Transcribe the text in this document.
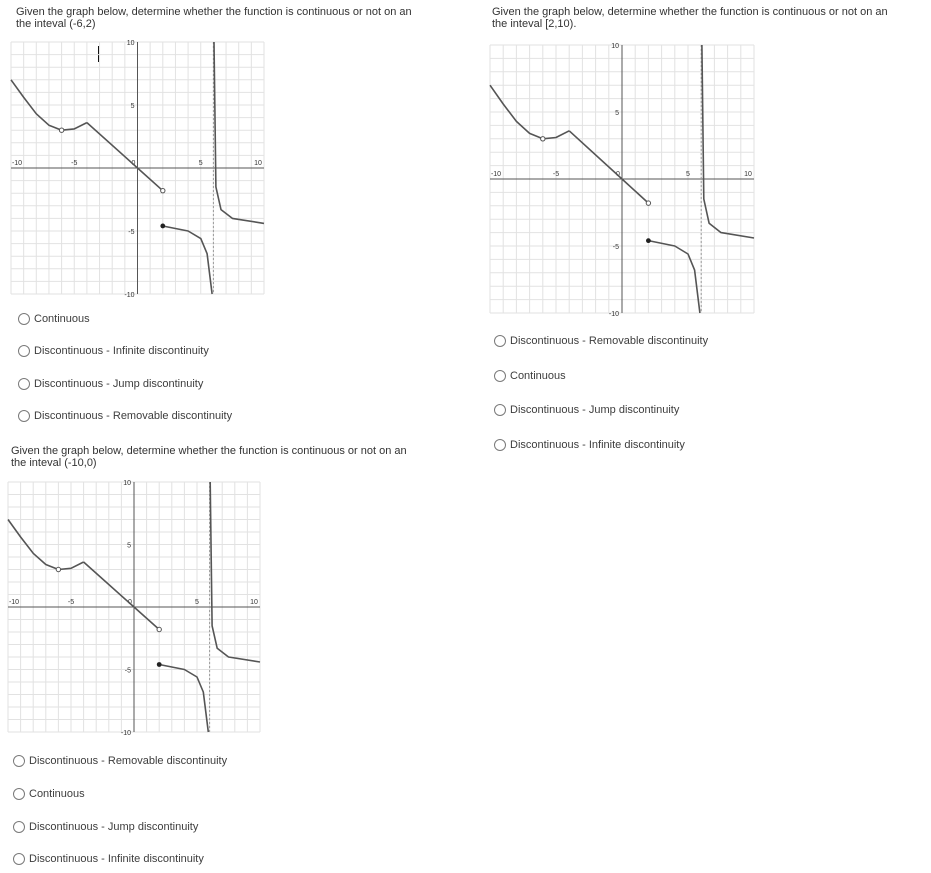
Given the graph below, determine whether the function is continuous or not on an
the inteval (-6,2)

-10	-5	0	5	10
10
5
-5
-10
Continuous
Discontinuous - Infinite discontinuity
Discontinuous - Jump discontinuity
Discontinuous - Removable discontinuity

Given the graph below, determine whether the function is continuous or not on an
the inteval [2,10).

-10	-5	0	5	10
10
5
-5
-10
Discontinuous - Removable discontinuity
Continuous
Discontinuous - Jump discontinuity
Discontinuous - Infinite discontinuity

Given the graph below, determine whether the function is continuous or not on an
the inteval (-10,0)

-10	-5	0	5	10
10
5
-5
-10
Discontinuous - Removable discontinuity
Continuous
Discontinuous - Jump discontinuity
Discontinuous - Infinite discontinuity
